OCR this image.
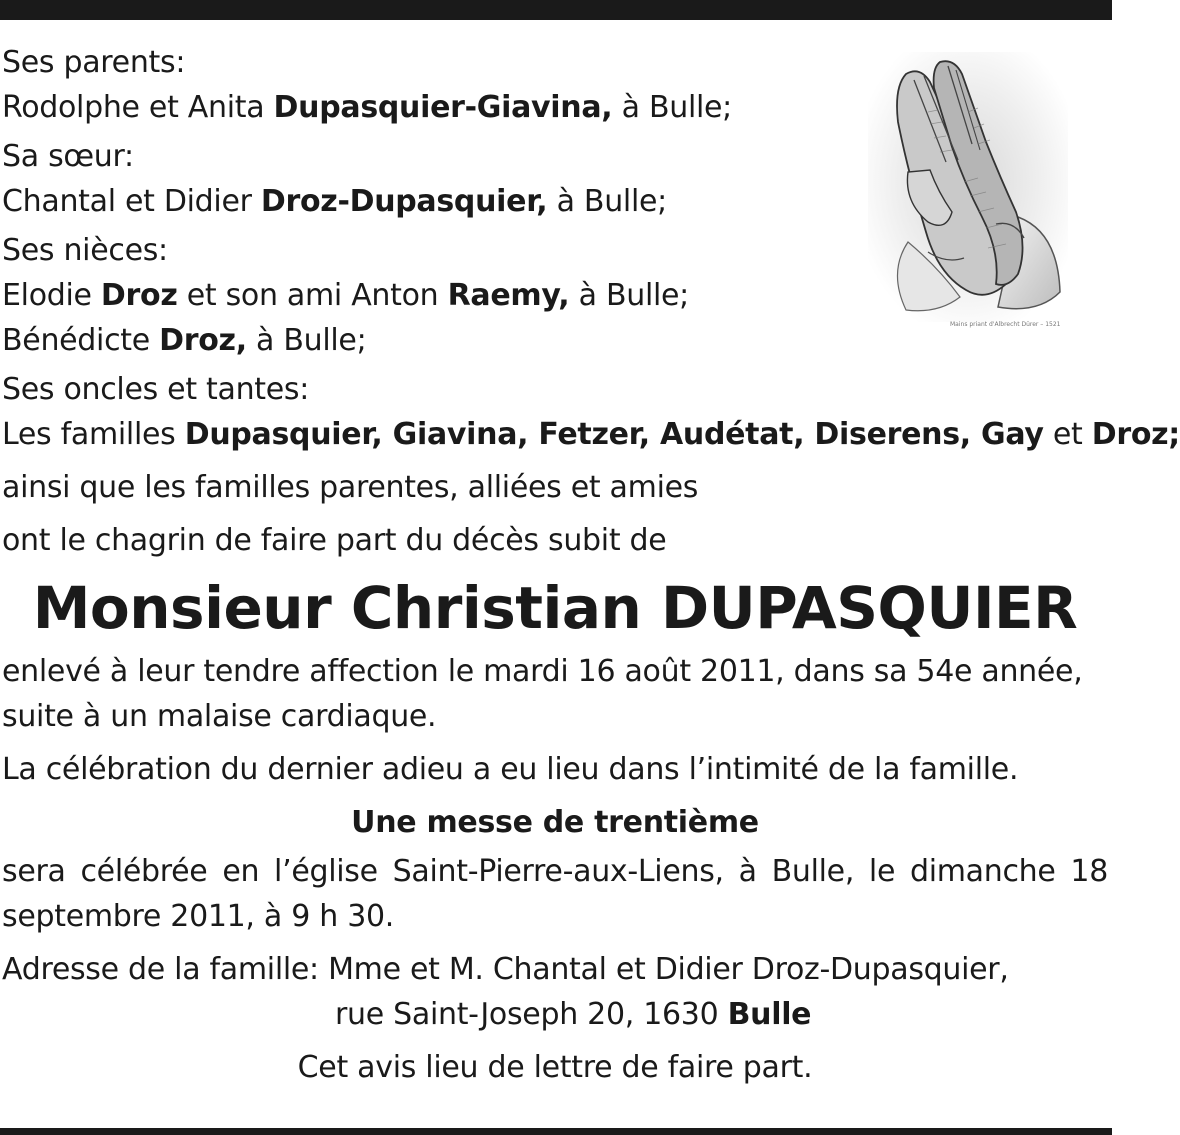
Mains priant d'Albrecht Dürer – 1521

Ses parents:

Rodolphe et Anita Dupasquier-Giavina, à Bulle;

Sa sœur:

Chantal et Didier Droz-Dupasquier, à Bulle;

Ses nièces:

Elodie Droz et son ami Anton Raemy, à Bulle;

Bénédicte Droz, à Bulle;

Ses oncles et tantes:

Les familles Dupasquier, Giavina, Fetzer, Audétat, Diserens, Gay et Droz;

ainsi que les familles parentes, alliées et amies

ont le chagrin de faire part du décès subit de

Monsieur Christian DUPASQUIER

enlevé à leur tendre affection le mardi 16 août 2011, dans sa 54e année,

suite à un malaise cardiaque.

La célébration du dernier adieu a eu lieu dans l’intimité de la famille.

Une messe de trentième

sera célébrée en l’église Saint-Pierre-aux-Liens, à Bulle, le dimanche 18

septembre 2011, à 9 h 30.

Adresse de la famille: Mme et M. Chantal et Didier Droz-Dupasquier,

rue Saint-Joseph 20, 1630 Bulle

Cet avis lieu de lettre de faire part.
